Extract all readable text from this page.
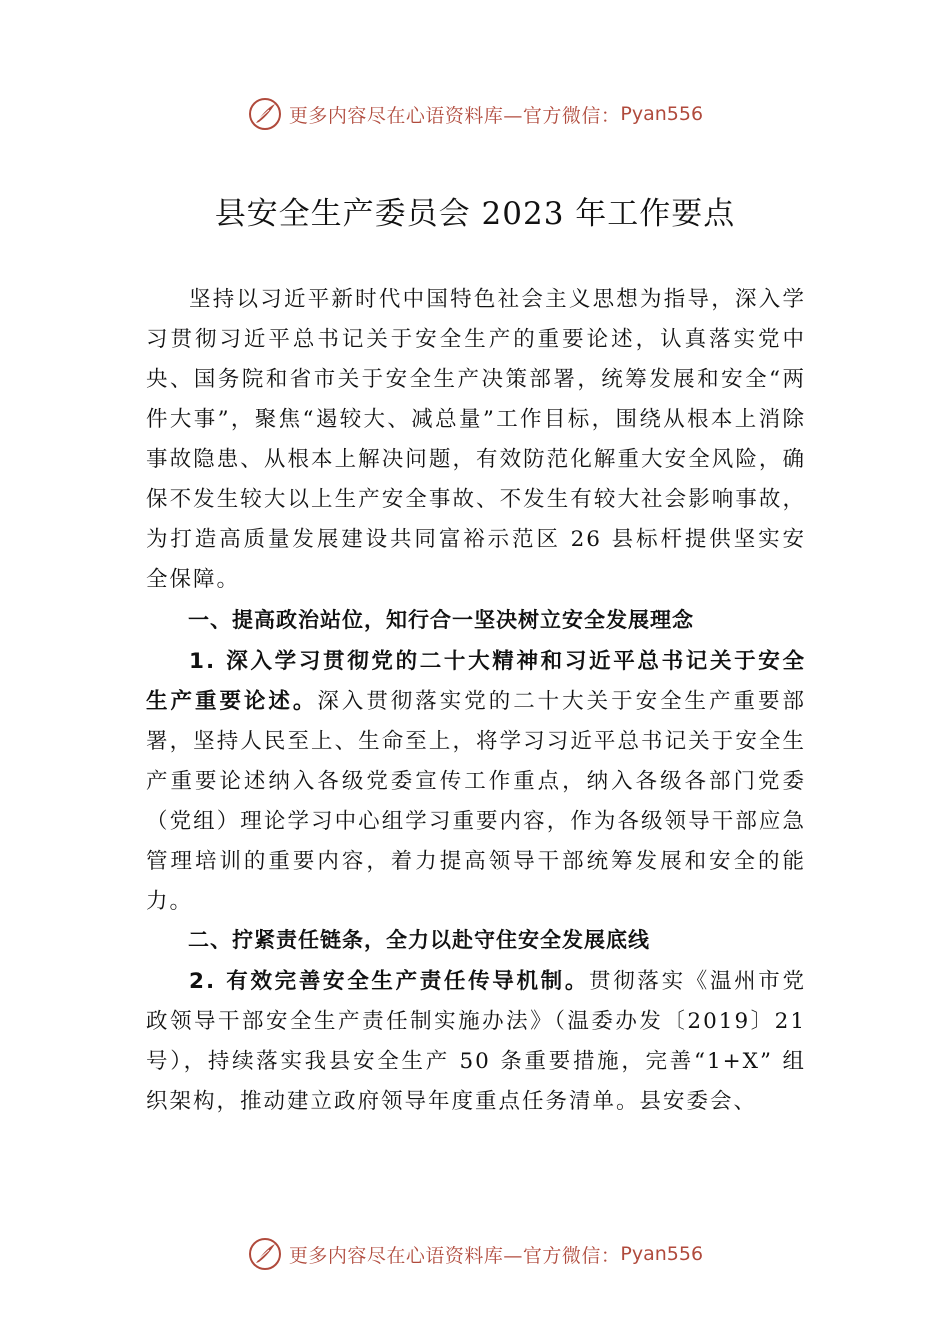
更多内容尽在心语资料库—官方微信： Pyan556
县安全生产委员会 2023 年工作要点

坚持以习近平新时代中国特色社会主义思想为指导，深入学习贯彻习近平总书记关于安全生产的重要论述，认真落实党中央、国务院和省市关于安全生产决策部署，统筹发展和安全“两件大事”，聚焦“遏较大、减总量”工作目标，围绕从根本上消除事故隐患、从根本上解决问题，有效防范化解重大安全风险，确保不发生较大以上生产安全事故、不发生有较大社会影响事故，为打造高质量发展建设共同富裕示范区 26 县标杆提供坚实安全保障。

一、提高政治站位，知行合一坚决树立安全发展理念

1. 深入学习贯彻党的二十大精神和习近平总书记关于安全生产重要论述。深入贯彻落实党的二十大关于安全生产重要部署，坚持人民至上、生命至上，将学习习近平总书记关于安全生产重要论述纳入各级党委宣传工作重点，纳入各级各部门党委（党组）理论学习中心组学习重要内容，作为各级领导干部应急管理培训的重要内容，着力提高领导干部统筹发展和安全的能力。

二、拧紧责任链条，全力以赴守住安全发展底线

2. 有效完善安全生产责任传导机制。贯彻落实《温州市党政领导干部安全生产责任制实施办法》（温委办发〔2019〕21 号），持续落实我县安全生产 50 条重要措施，完善“1+X” 组织架构，推动建立政府领导年度重点任务清单。县安委会、

更多内容尽在心语资料库—官方微信： Pyan556
